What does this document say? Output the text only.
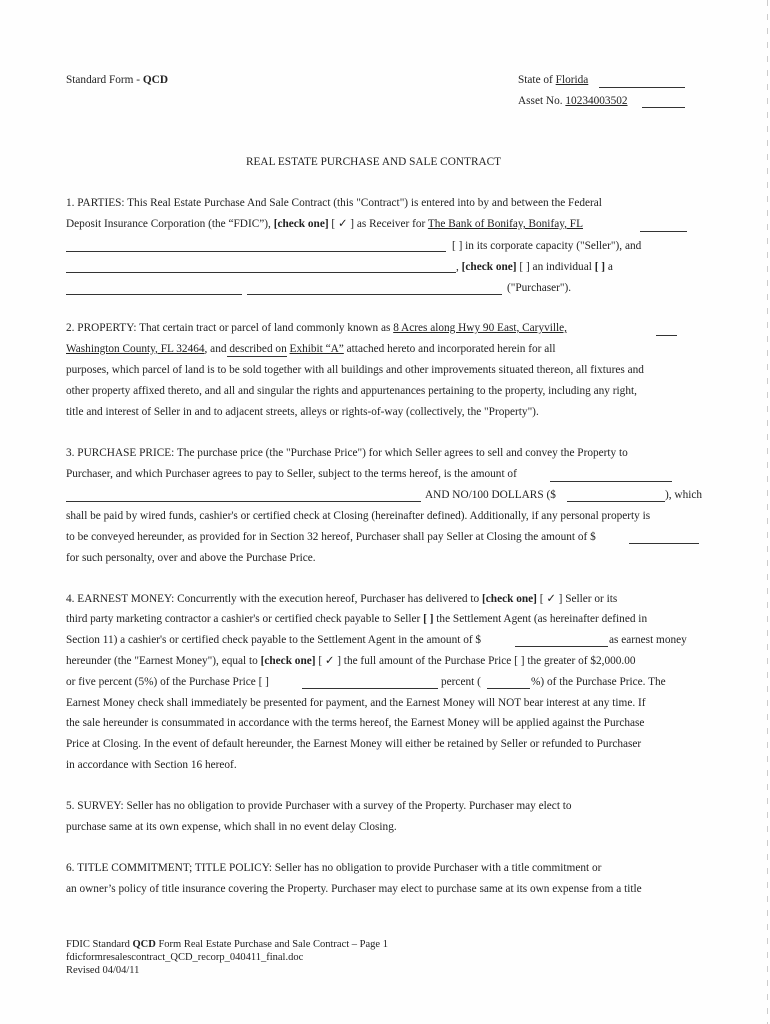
Standard Form - QCD	State of Florida
Asset No. 10234003502
REAL ESTATE PURCHASE AND SALE CONTRACT
1. PARTIES: This Real Estate Purchase And Sale Contract (this "Contract") is entered into by and between the Federal
Deposit Insurance Corporation (the “FDIC”), [check one] [ ✓ ] as Receiver for The Bank of Bonifay, Bonifay, FL
[ ] in its corporate capacity ("Seller"), and
, [check one] [ ] an individual [ ] a
("Purchaser").
2. PROPERTY: That certain tract or parcel of land commonly known as 8 Acres along Hwy 90 East, Caryville,
Washington County, FL 32464, and described on Exhibit “A” attached hereto and incorporated herein for all
purposes, which parcel of land is to be sold together with all buildings and other improvements situated thereon, all fixtures and
other property affixed thereto, and all and singular the rights and appurtenances pertaining to the property, including any right,
title and interest of Seller in and to adjacent streets, alleys or rights-of-way (collectively, the "Property").
3. PURCHASE PRICE: The purchase price (the "Purchase Price") for which Seller agrees to sell and convey the Property to
Purchaser, and which Purchaser agrees to pay to Seller, subject to the terms hereof, is the amount of
AND NO/100 DOLLARS ($	), which
shall be paid by wired funds, cashier's or certified check at Closing (hereinafter defined). Additionally, if any personal property is
to be conveyed hereunder, as provided for in Section 32 hereof, Purchaser shall pay Seller at Closing the amount of $
for such personalty, over and above the Purchase Price.
4. EARNEST MONEY: Concurrently with the execution hereof, Purchaser has delivered to [check one] [ ✓ ] Seller or its
third party marketing contractor a cashier's or certified check payable to Seller [ ] the Settlement Agent (as hereinafter defined in
Section 11) a cashier's or certified check payable to the Settlement Agent in the amount of $	as earnest money
hereunder (the "Earnest Money"), equal to [check one] [ ✓ ] the full amount of the Purchase Price [ ] the greater of $2,000.00
or five percent (5%) of the Purchase Price [ ]	percent (	%) of the Purchase Price. The
Earnest Money check shall immediately be presented for payment, and the Earnest Money will NOT bear interest at any time. If
the sale hereunder is consummated in accordance with the terms hereof, the Earnest Money will be applied against the Purchase
Price at Closing. In the event of default hereunder, the Earnest Money will either be retained by Seller or refunded to Purchaser
in accordance with Section 16 hereof.
5. SURVEY: Seller has no obligation to provide Purchaser with a survey of the Property. Purchaser may elect to
purchase same at its own expense, which shall in no event delay Closing.
6. TITLE COMMITMENT; TITLE POLICY: Seller has no obligation to provide Purchaser with a title commitment or
an owner’s policy of title insurance covering the Property. Purchaser may elect to purchase same at its own expense from a title
FDIC Standard QCD Form Real Estate Purchase and Sale Contract – Page 1
fdicformresalescontract_QCD_recorp_040411_final.doc
Revised 04/04/11
